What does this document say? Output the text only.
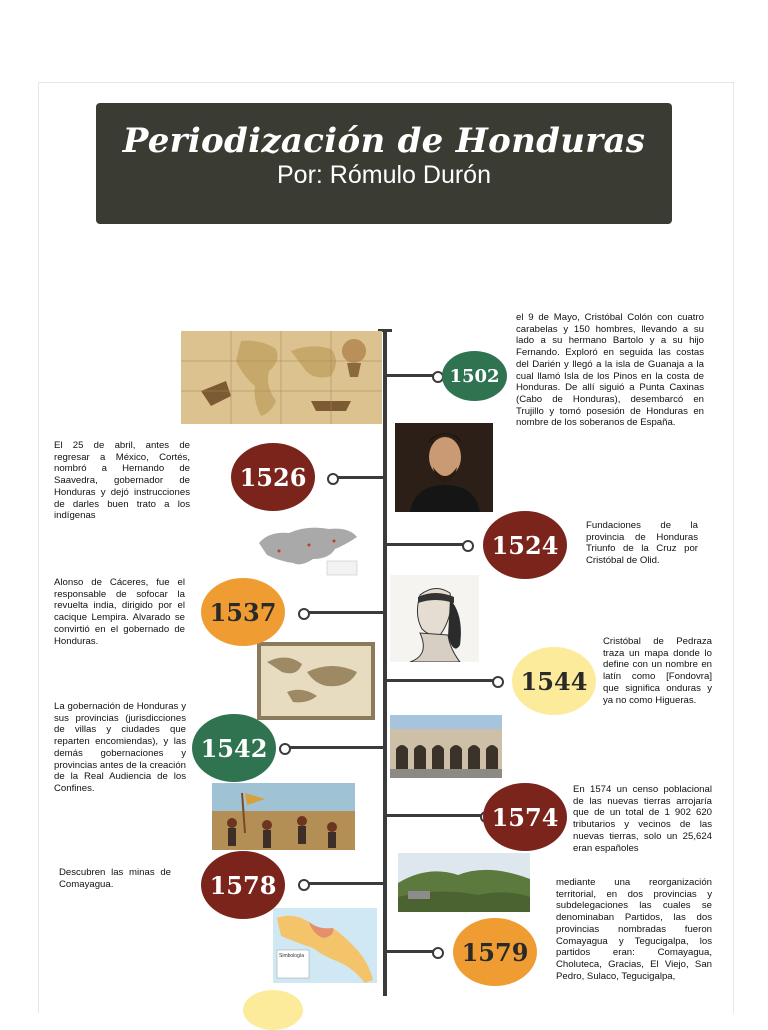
Periodización de Honduras
Por: Rómulo Durón
Simbología
1502
1526
1524
1537
1544
1542
1574
1578
1579
el 9 de Mayo, Cristóbal Colón con cuatro carabelas y 150 hombres, llevando a su lado a su hermano Bartolo y a su hijo Fernando. Exploró en seguida las costas del Darién y llegó a la isla de Guanaja a la cual llamó Isla de los Pinos en la costa de Honduras. De allí siguió a Punta Caxinas (Cabo de Honduras), desembarcó en Trujillo y tomó posesión de Honduras en nombre de los soberanos de España.
El 25 de abril, antes de regresar a México, Cortés, nombró a Hernando de Saavedra, gobernador de Honduras y dejó instrucciones de darles buen trato a los indígenas
Fundaciones de la provincia de Honduras Triunfo de la Cruz por Cristóbal de Olid.
Alonso de Cáceres, fue el responsable de sofocar la revuelta india, dirigido por el cacique Lempira. Alvarado se convirtió en el gobernado de Honduras.	Cristóbal de Pedraza traza un mapa donde lo define con un nombre en latín como [Fondovra] que significa onduras y ya no como Higueras.
La gobernación de Honduras y sus provincias (jurisdicciones de villas y ciudades que reparten encomiendas), y las demás gobernaciones y provincias antes de la creación de la Real Audiencia de los Confines.	En 1574 un censo poblacional de las nuevas tierras arrojaría que de un total de 1 902 620 tributarios y vecinos de las nuevas tierras, solo un 25,624 eran españoles
Descubren las minas de Comayagua.	mediante una reorganización territorial, en dos provincias y subdelegaciones las cuales se denominaban Partidos, las dos provincias nombradas fueron Comayagua y Tegucigalpa, los partidos eran: Comayagua, Choluteca, Gracias, El Viejo, San Pedro, Sulaco, Tegucigalpa,
